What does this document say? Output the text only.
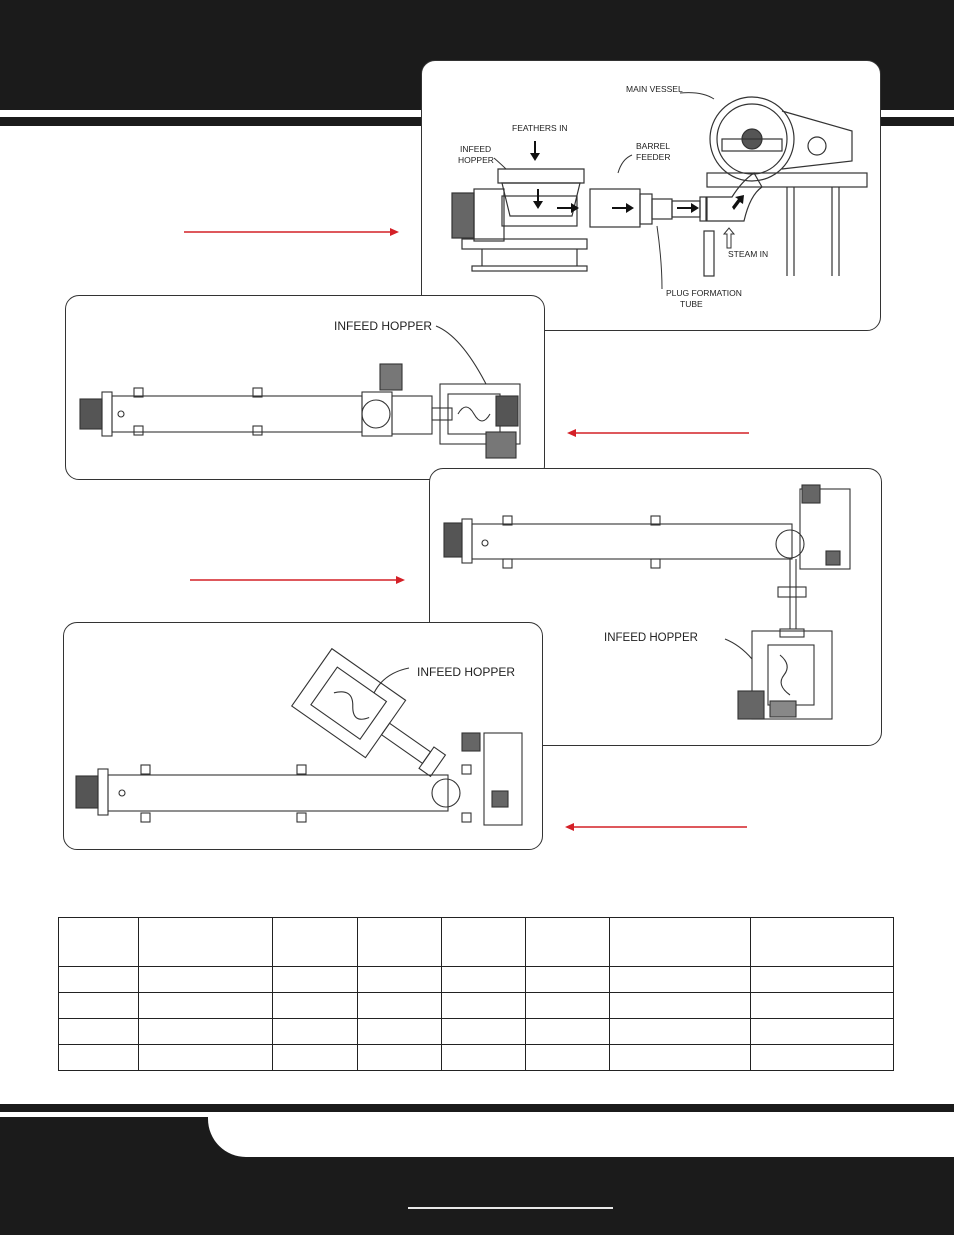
MAIN VESSEL
FEATHERS IN
INFEED
HOPPER
BARREL
FEEDER
STEAM IN
PLUG FORMATION
TUBE
INFEED HOPPER
INFEED HOPPER
INFEED HOPPER
